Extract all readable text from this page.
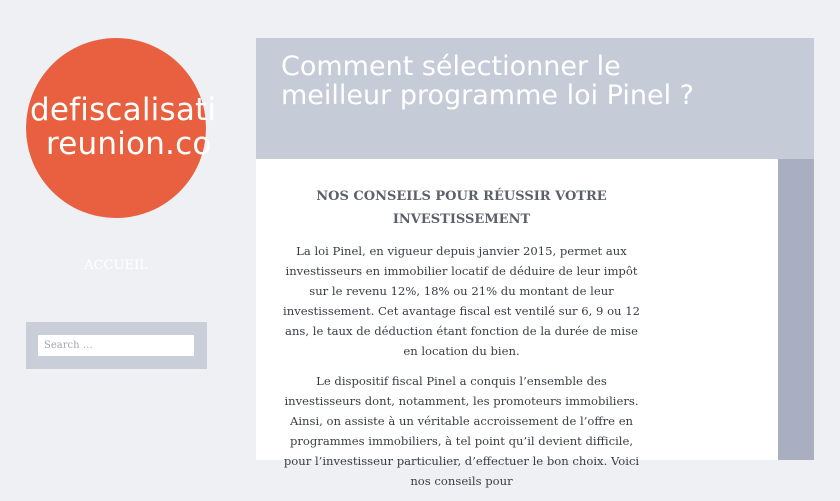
defiscalisati
reunion.co
ACCUEIL
Search …
Comment sélectionner le meilleur programme loi Pinel ?
NOS CONSEILS POUR RÉUSSIR VOTRE INVESTISSEMENT

La loi Pinel, en vigueur depuis janvier 2015, permet aux investisseurs en immobilier locatif de déduire de leur impôt sur le revenu 12%, 18% ou 21% du montant de leur investissement. Cet avantage fiscal est ventilé sur 6, 9 ou 12 ans, le taux de déduction étant fonction de la durée de mise en location du bien.

Le dispositif fiscal Pinel a conquis l’ensemble des investisseurs dont, notamment, les promoteurs immobiliers. Ainsi, on assiste à un véritable accroissement de l’offre en programmes immobiliers, à tel point qu’il devient difficile, pour l’investisseur particulier, d’effectuer le bon choix. Voici nos conseils pour
